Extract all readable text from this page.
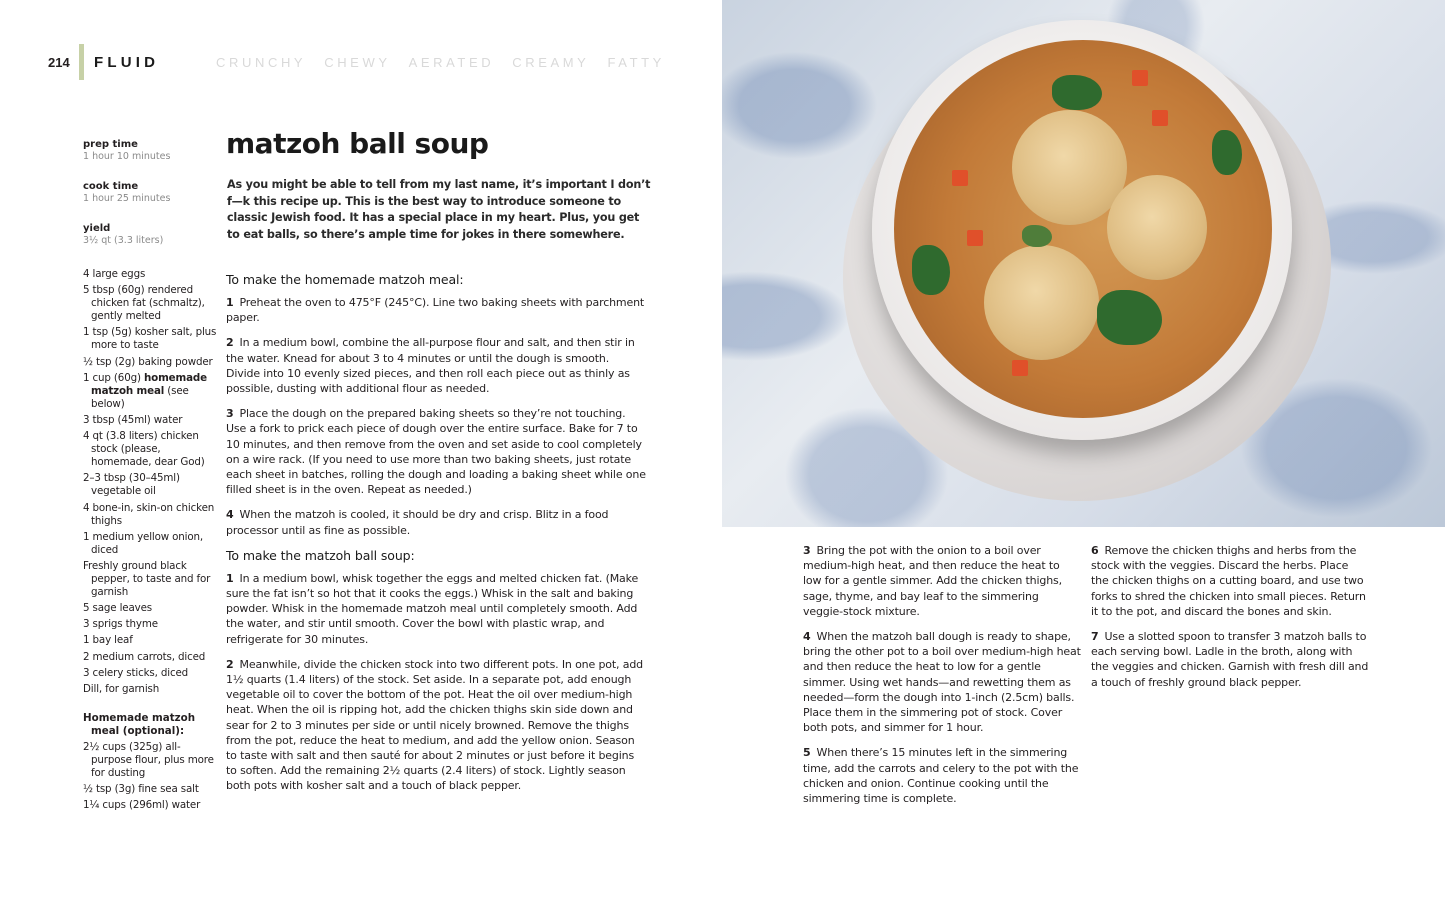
214	FLUID	CRUNCHY CHEWY AERATED CREAMY FATTY
prep time
1 hour 10 minutes
cook time
1 hour 25 minutes
yield
3½ qt (3.3 liters)
4 large eggs
5 tbsp (60g) rendered chicken fat (schmaltz), gently melted
1 tsp (5g) kosher salt, plus more to taste
½ tsp (2g) baking powder
1 cup (60g) homemade matzoh meal (see below)
3 tbsp (45ml) water
4 qt (3.8 liters) chicken stock (please, homemade, dear God)
2–3 tbsp (30–45ml) vegetable oil
4 bone-in, skin-on chicken thighs
1 medium yellow onion, diced
Freshly ground black pepper, to taste and for garnish
5 sage leaves
3 sprigs thyme
1 bay leaf
2 medium carrots, diced
3 celery sticks, diced
Dill, for garnish
Homemade matzoh meal (optional):
2½ cups (325g) all-purpose flour, plus more for dusting
½ tsp (3g) fine sea salt
1¼ cups (296ml) water
matzoh ball soup

As you might be able to tell from my last name, it’s important I don’t f—k this recipe up. This is the best way to introduce someone to classic Jewish food. It has a special place in my heart. Plus, you get to eat balls, so there’s ample time for jokes in there somewhere.

To make the homemade matzoh meal:

1 Preheat the oven to 475°F (245°C). Line two baking sheets with parchment paper.

2 In a medium bowl, combine the all-purpose flour and salt, and then stir in the water. Knead for about 3 to 4 minutes or until the dough is smooth. Divide into 10 evenly sized pieces, and then roll each piece out as thinly as possible, dusting with additional flour as needed.

3 Place the dough on the prepared baking sheets so they’re not touching. Use a fork to prick each piece of dough over the entire surface. Bake for 7 to 10 minutes, and then remove from the oven and set aside to cool completely on a wire rack. (If you need to use more than two baking sheets, just rotate each sheet in batches, rolling the dough and loading a baking sheet while one filled sheet is in the oven. Repeat as needed.)

4 When the matzoh is cooled, it should be dry and crisp. Blitz in a food processor until as fine as possible.

To make the matzoh ball soup:

1 In a medium bowl, whisk together the eggs and melted chicken fat. (Make sure the fat isn’t so hot that it cooks the eggs.) Whisk in the salt and baking powder. Whisk in the homemade matzoh meal until completely smooth. Add the water, and stir until smooth. Cover the bowl with plastic wrap, and refrigerate for 30 minutes.

2 Meanwhile, divide the chicken stock into two different pots. In one pot, add 1½ quarts (1.4 liters) of the stock. Set aside. In a separate pot, add enough vegetable oil to cover the bottom of the pot. Heat the oil over medium-high heat. When the oil is ripping hot, add the chicken thighs skin side down and sear for 2 to 3 minutes per side or until nicely browned. Remove the thighs from the pot, reduce the heat to medium, and add the yellow onion. Season to taste with salt and then sauté for about 2 minutes or just before it begins to soften. Add the remaining 2½ quarts (2.4 liters) of stock. Lightly season both pots with kosher salt and a touch of black pepper.

3 Bring the pot with the onion to a boil over medium-high heat, and then reduce the heat to low for a gentle simmer. Add the chicken thighs, sage, thyme, and bay leaf to the simmering veggie-stock mixture.

4 When the matzoh ball dough is ready to shape, bring the other pot to a boil over medium-high heat and then reduce the heat to low for a gentle simmer. Using wet hands—and rewetting them as needed—form the dough into 1-inch (2.5cm) balls. Place them in the simmering pot of stock. Cover both pots, and simmer for 1 hour.

5 When there’s 15 minutes left in the simmering time, add the carrots and celery to the pot with the chicken and onion. Continue cooking until the simmering time is complete.

6 Remove the chicken thighs and herbs from the stock with the veggies. Discard the herbs. Place the chicken thighs on a cutting board, and use two forks to shred the chicken into small pieces. Return it to the pot, and discard the bones and skin.

7 Use a slotted spoon to transfer 3 matzoh balls to each serving bowl. Ladle in the broth, along with the veggies and chicken. Garnish with fresh dill and a touch of freshly ground black pepper.
